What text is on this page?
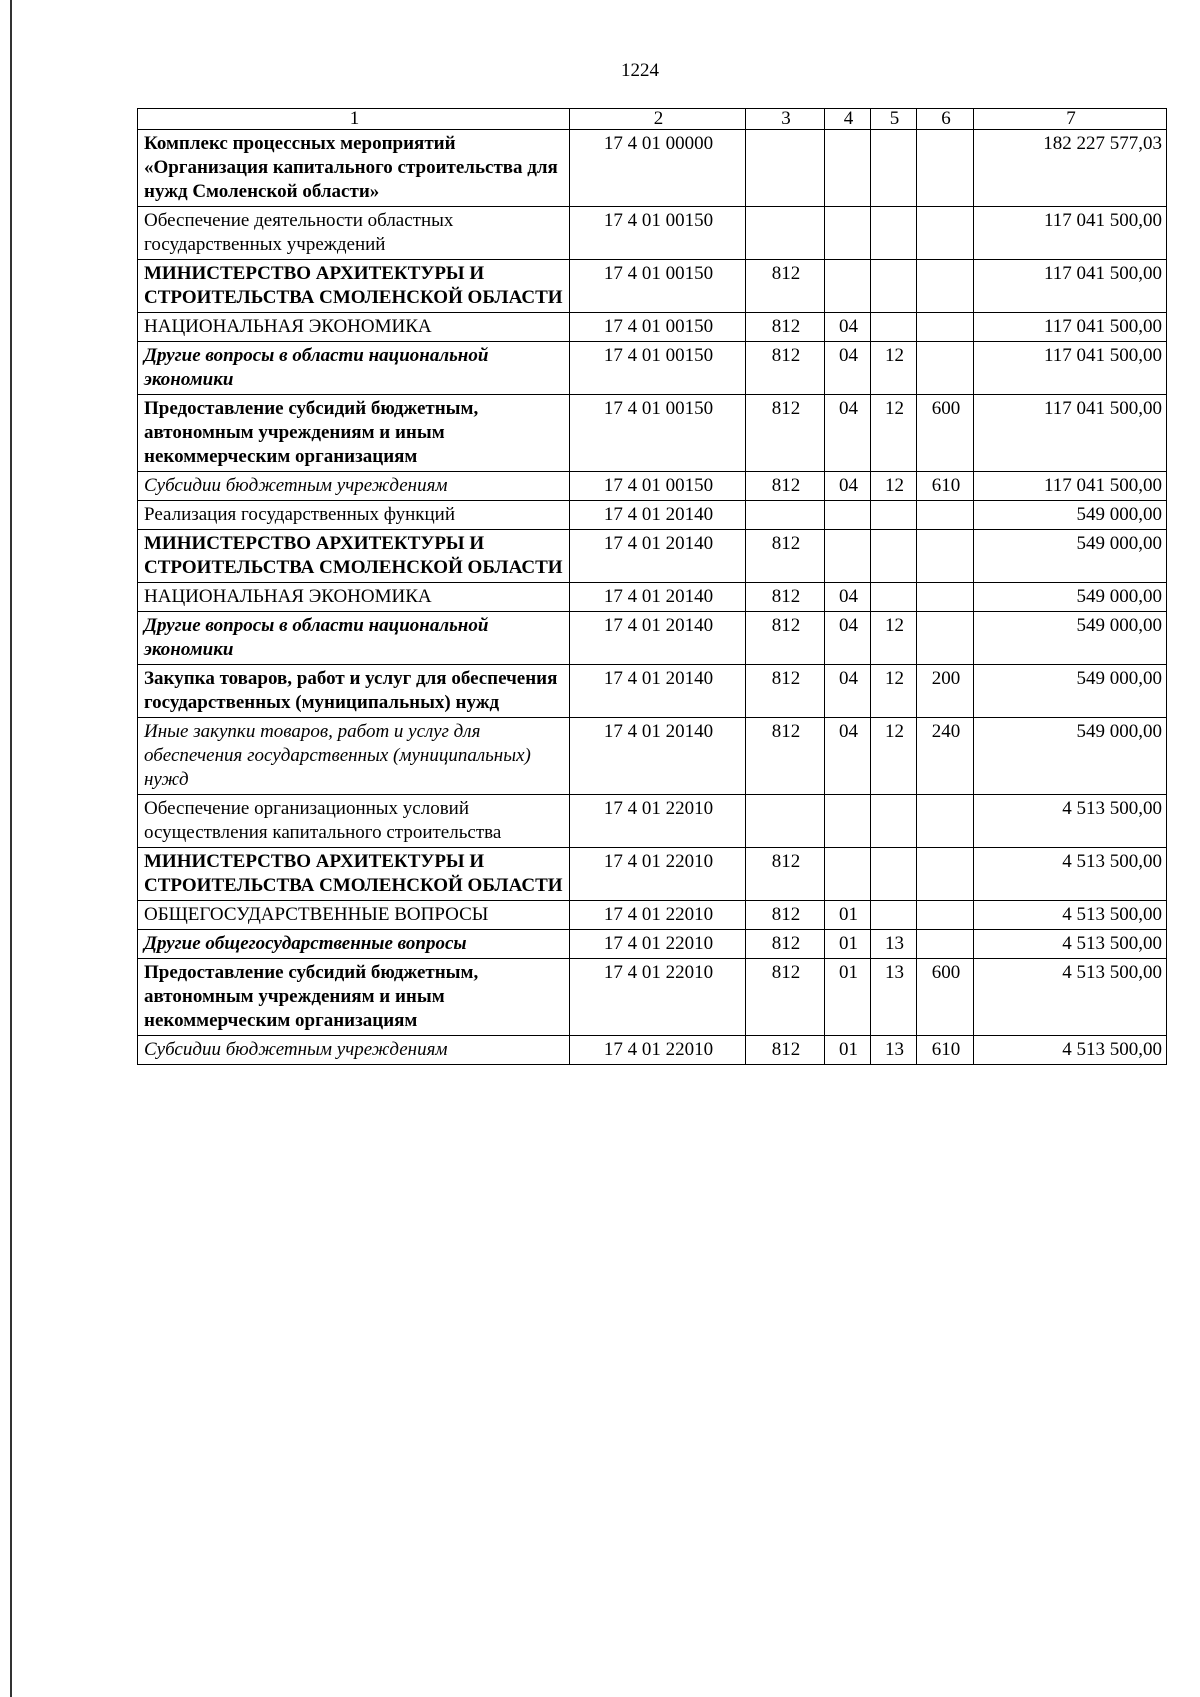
1224
1	2	3	4	5	6	7
Комплекс процессных мероприятий «Организация капитального строительства для нужд Смоленской области»	17 4 01 00000					182 227 577,03
Обеспечение деятельности областных государственных учреждений	17 4 01 00150					117 041 500,00
МИНИСТЕРСТВО АРХИТЕКТУРЫ И СТРОИТЕЛЬСТВА СМОЛЕНСКОЙ ОБЛАСТИ	17 4 01 00150	812				117 041 500,00
НАЦИОНАЛЬНАЯ ЭКОНОМИКА	17 4 01 00150	812	04			117 041 500,00
Другие вопросы в области национальной экономики	17 4 01 00150	812	04	12		117 041 500,00
Предоставление субсидий бюджетным, автономным учреждениям и иным некоммерческим организациям	17 4 01 00150	812	04	12	600	117 041 500,00
Субсидии бюджетным учреждениям	17 4 01 00150	812	04	12	610	117 041 500,00
Реализация государственных функций	17 4 01 20140					549 000,00
МИНИСТЕРСТВО АРХИТЕКТУРЫ И СТРОИТЕЛЬСТВА СМОЛЕНСКОЙ ОБЛАСТИ	17 4 01 20140	812				549 000,00
НАЦИОНАЛЬНАЯ ЭКОНОМИКА	17 4 01 20140	812	04			549 000,00
Другие вопросы в области национальной экономики	17 4 01 20140	812	04	12		549 000,00
Закупка товаров, работ и услуг для обеспечения государственных (муниципальных) нужд	17 4 01 20140	812	04	12	200	549 000,00
Иные закупки товаров, работ и услуг для обеспечения государственных (муниципальных) нужд	17 4 01 20140	812	04	12	240	549 000,00
Обеспечение организационных условий осуществления капитального строительства	17 4 01 22010					4 513 500,00
МИНИСТЕРСТВО АРХИТЕКТУРЫ И СТРОИТЕЛЬСТВА СМОЛЕНСКОЙ ОБЛАСТИ	17 4 01 22010	812				4 513 500,00
ОБЩЕГОСУДАРСТВЕННЫЕ ВОПРОСЫ	17 4 01 22010	812	01			4 513 500,00
Другие общегосударственные вопросы	17 4 01 22010	812	01	13		4 513 500,00
Предоставление субсидий бюджетным, автономным учреждениям и иным некоммерческим организациям	17 4 01 22010	812	01	13	600	4 513 500,00
Субсидии бюджетным учреждениям	17 4 01 22010	812	01	13	610	4 513 500,00
